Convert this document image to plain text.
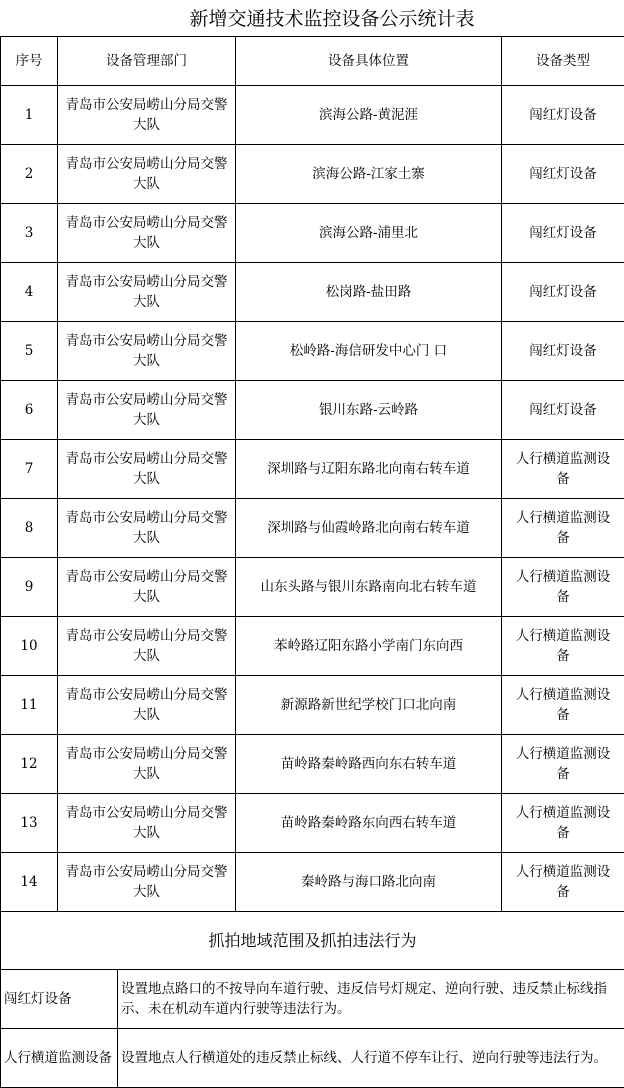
新增交通技术监控设备公示统计表
序号	设备管理部门	设备具体位置	设备类型
1	青岛市公安局崂山分局交警大队	滨海公路-黄泥涯	闯红灯设备
2	青岛市公安局崂山分局交警大队	滨海公路-江家土寨	闯红灯设备
3	青岛市公安局崂山分局交警大队	滨海公路-浦里北	闯红灯设备
4	青岛市公安局崂山分局交警大队	松岗路-盐田路	闯红灯设备
5	青岛市公安局崂山分局交警大队	松岭路-海信研发中心门 口	闯红灯设备
6	青岛市公安局崂山分局交警大队	银川东路-云岭路	闯红灯设备
7	青岛市公安局崂山分局交警大队	深圳路与辽阳东路北向南右转车道	人行横道监测设备
8	青岛市公安局崂山分局交警大队	深圳路与仙霞岭路北向南右转车道	人行横道监测设备
9	青岛市公安局崂山分局交警大队	山东头路与银川东路南向北右转车道	人行横道监测设备
10	青岛市公安局崂山分局交警大队	苯岭路辽阳东路小学南门东向西	人行横道监测设备
11	青岛市公安局崂山分局交警大队	新源路新世纪学校门口北向南	人行横道监测设备
12	青岛市公安局崂山分局交警大队	苗岭路秦岭路西向东右转车道	人行横道监测设备
13	青岛市公安局崂山分局交警大队	苗岭路秦岭路东向西右转车道	人行横道监测设备
14	青岛市公安局崂山分局交警大队	秦岭路与海口路北向南	人行横道监测设备
抓拍地域范围及抓拍违法行为	
闯红灯设备	设置地点路口的不按导向车道行驶、违反信号灯规定、逆向行驶、违反禁止标线指示、未在机动车道内行驶等违法行为。
人行横道监测设备	设置地点人行横道处的违反禁止标线、人行道不停车让行、逆向行驶等违法行为。
